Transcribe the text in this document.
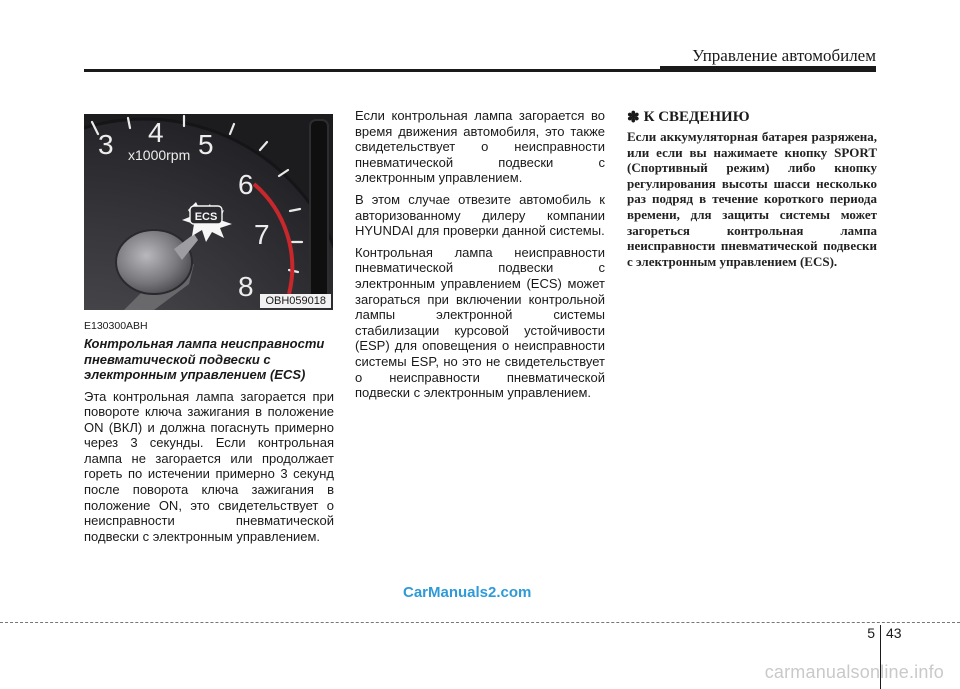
Управление автомобилем
3 4 5
6
7
8
x1000rpm
ECS
OBH059018
E130300ABH
Контрольная лампа неисправности пневматической подвески с электронным управлением (ECS)

Эта контрольная лампа загорается при повороте ключа зажигания в положение ON (ВКЛ) и должна погаснуть примерно через 3 секунды. Если контрольная лампа не загорается или продолжает гореть по истечении примерно 3 секунд после поворота ключа зажигания в положение ON, это свидетельствует о неисправности пневматической подвески с электронным управлением.

Если контрольная лампа загорается во время движения автомобиля, это также свидетельствует о неисправности пневматической подвески с электронным управлением.

В этом случае отвезите автомобиль к авторизованному дилеру компании HYUNDAI для проверки данной системы.

Контрольная лампа неисправности пневматической подвески с электронным управлением (ECS) может загораться при включении контрольной лампы электронной системы стабилизации курсовой устойчивости (ESP) для оповещения о неисправности системы ESP, но это не свидетельствует о неисправности пневматической подвески с электронным управлением.

✽ К СВЕДЕНИЮ

Если аккумуляторная батарея разряжена, или если вы нажимаете кнопку SPORT (Спортивный режим) либо кнопку регулирования высоты шасси несколько раз подряд в течение короткого периода времени, для защиты системы может загореться контрольная лампа неисправности пневматической подвески с электронным управлением (ECS).

CarManuals2.com
5 43
carmanualsonline.info
